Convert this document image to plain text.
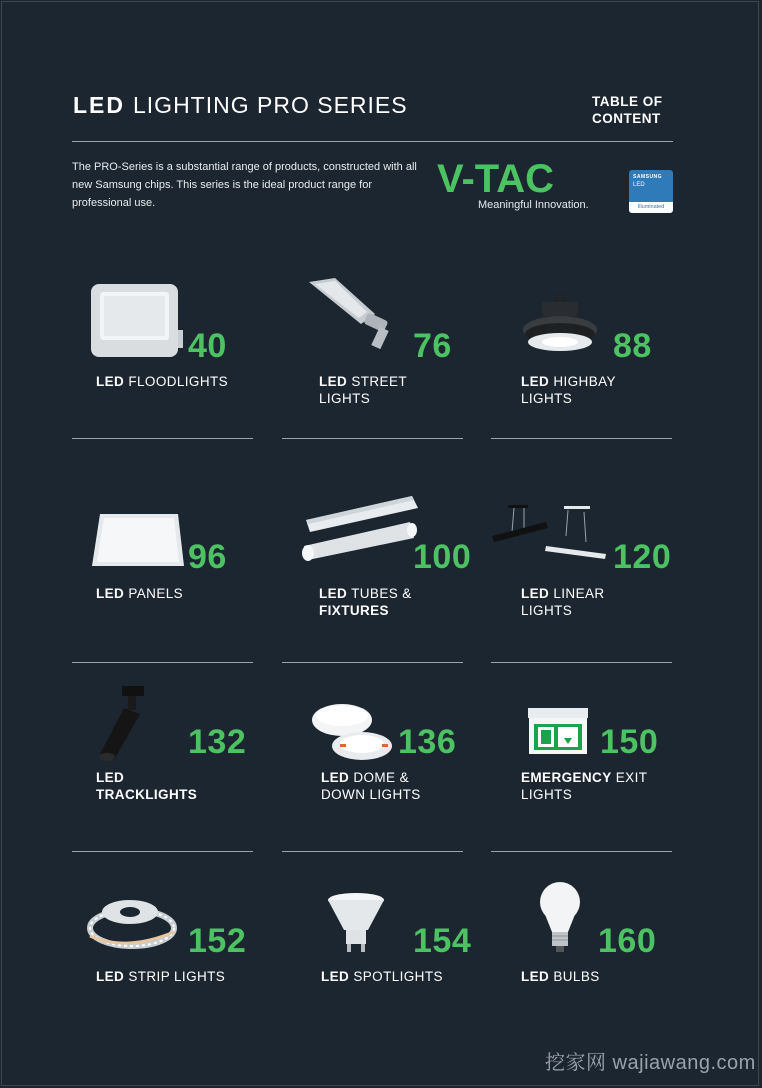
LED LIGHTING PRO SERIES	TABLE OF
CONTENT
The PRO-Series is a substantial range of products, constructed with all new Samsung chips. This series is the ideal product range for professional use.
V-TAC
Meaningful Innovation.
SAMSUNG
LED
Illuminated
40
LED FLOODLIGHTS
76
LED STREET
LIGHTS
88
LED HIGHBAY
LIGHTS
96
LED PANELS
100
LED TUBES &
FIXTURES
120
LED LINEAR
LIGHTS
132
LED
TRACKLIGHTS
136
LED DOME &
DOWN LIGHTS
150
EMERGENCY EXIT
LIGHTS
152
LED STRIP LIGHTS
154
LED SPOTLIGHTS
160
LED BULBS
挖家网 wajiawang.com
